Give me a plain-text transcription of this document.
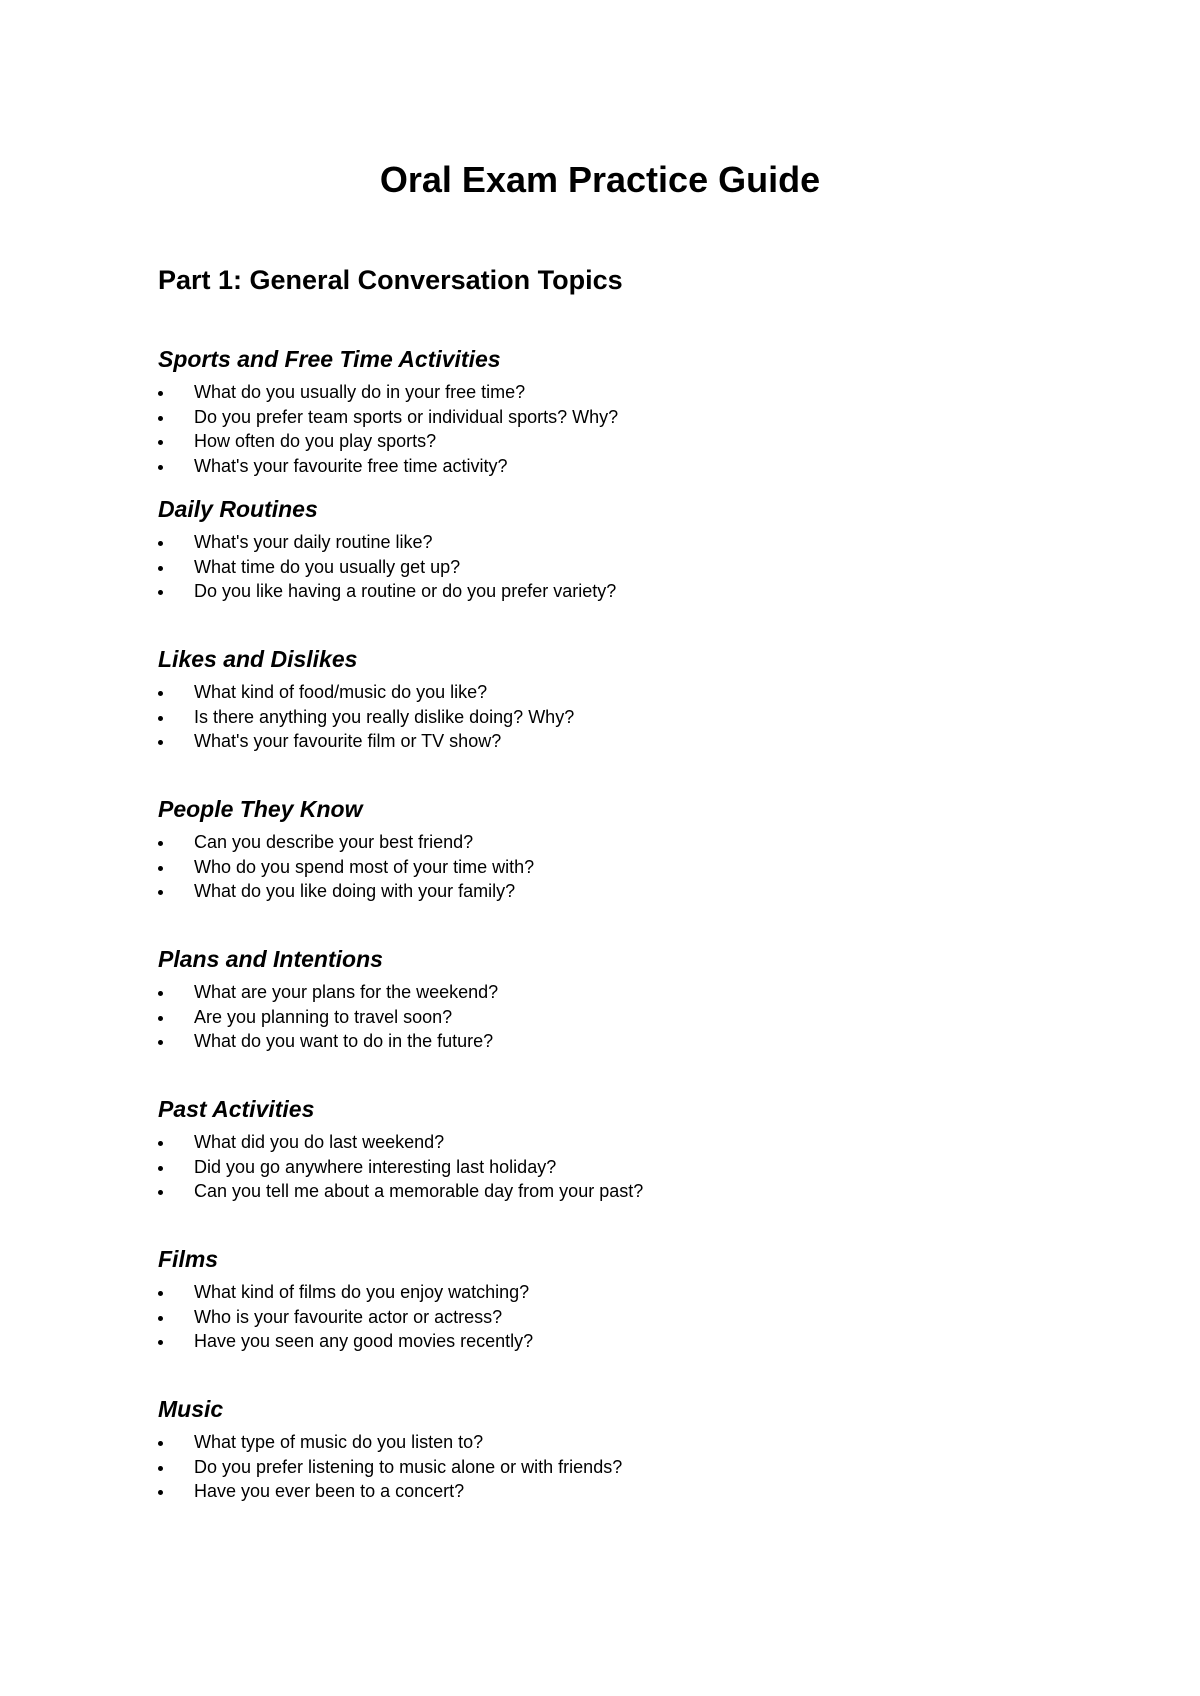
Oral Exam Practice Guide
Part 1: General Conversation Topics
Sports and Free Time Activities
What do you usually do in your free time?
Do you prefer team sports or individual sports? Why?
How often do you play sports?
What's your favourite free time activity?
Daily Routines
What's your daily routine like?
What time do you usually get up?
Do you like having a routine or do you prefer variety?
Likes and Dislikes
What kind of food/music do you like?
Is there anything you really dislike doing? Why?
What's your favourite film or TV show?
People They Know
Can you describe your best friend?
Who do you spend most of your time with?
What do you like doing with your family?
Plans and Intentions
What are your plans for the weekend?
Are you planning to travel soon?
What do you want to do in the future?
Past Activities
What did you do last weekend?
Did you go anywhere interesting last holiday?
Can you tell me about a memorable day from your past?
Films
What kind of films do you enjoy watching?
Who is your favourite actor or actress?
Have you seen any good movies recently?
Music
What type of music do you listen to?
Do you prefer listening to music alone or with friends?
Have you ever been to a concert?
